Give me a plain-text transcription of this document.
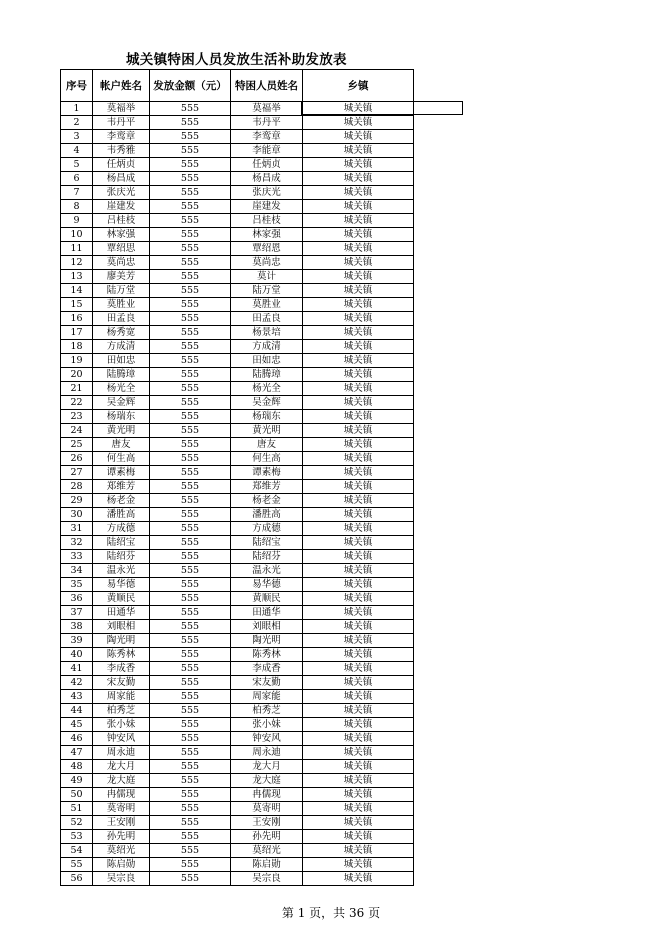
城关镇特困人员发放生活补助发放表
序号	帐户姓名	发放金额（元）	特困人员姓名	乡镇
1	莫福举	555	莫福举	城关镇
2	韦丹平	555	韦丹平	城关镇
3	李鸾章	555	李鸾章	城关镇
4	韦秀雅	555	李能章	城关镇
5	任炳贞	555	任炳贞	城关镇
6	杨昌成	555	杨昌成	城关镇
7	张庆光	555	张庆光	城关镇
8	崖建发	555	崖建发	城关镇
9	吕桂枝	555	吕桂枝	城关镇
10	林家强	555	林家强	城关镇
11	覃绍思	555	覃绍恩	城关镇
12	莫尚忠	555	莫尚忠	城关镇
13	廖美芳	555	莫计	城关镇
14	陆万堂	555	陆万堂	城关镇
15	莫胜业	555	莫胜业	城关镇
16	田孟良	555	田孟良	城关镇
17	杨秀宽	555	杨景培	城关镇
18	方成清	555	方成清	城关镇
19	田如忠	555	田如忠	城关镇
20	陆腾璋	555	陆腾璋	城关镇
21	杨光全	555	杨光全	城关镇
22	吴金辉	555	吴金辉	城关镇
23	杨瑞东	555	杨瑞东	城关镇
24	黄光明	555	黄光明	城关镇
25	唐友	555	唐友	城关镇
26	何生高	555	何生高	城关镇
27	谭素梅	555	谭素梅	城关镇
28	郑维芳	555	郑维芳	城关镇
29	杨老金	555	杨老金	城关镇
30	潘胜高	555	潘胜高	城关镇
31	方成德	555	方成德	城关镇
32	陆绍宝	555	陆绍宝	城关镇
33	陆绍芬	555	陆绍芬	城关镇
34	温永光	555	温永光	城关镇
35	易华德	555	易华德	城关镇
36	黄顺民	555	黄顺民	城关镇
37	田通华	555	田通华	城关镇
38	刘眼相	555	刘眼相	城关镇
39	陶光明	555	陶光明	城关镇
40	陈秀林	555	陈秀林	城关镇
41	李成香	555	李成香	城关镇
42	宋友勤	555	宋友勤	城关镇
43	周家能	555	周家能	城关镇
44	柏秀芝	555	柏秀芝	城关镇
45	张小妹	555	张小妹	城关镇
46	钟安风	555	钟安风	城关镇
47	周永迪	555	周永迪	城关镇
48	龙大月	555	龙大月	城关镇
49	龙大庭	555	龙大庭	城关镇
50	冉儒现	555	冉儒现	城关镇
51	莫寄明	555	莫寄明	城关镇
52	王安刚	555	王安刚	城关镇
53	孙先明	555	孙先明	城关镇
54	莫绍光	555	莫绍光	城关镇
55	陈启勋	555	陈启勋	城关镇
56	吴宗良	555	吴宗良	城关镇
第 1 页，共 36 页
